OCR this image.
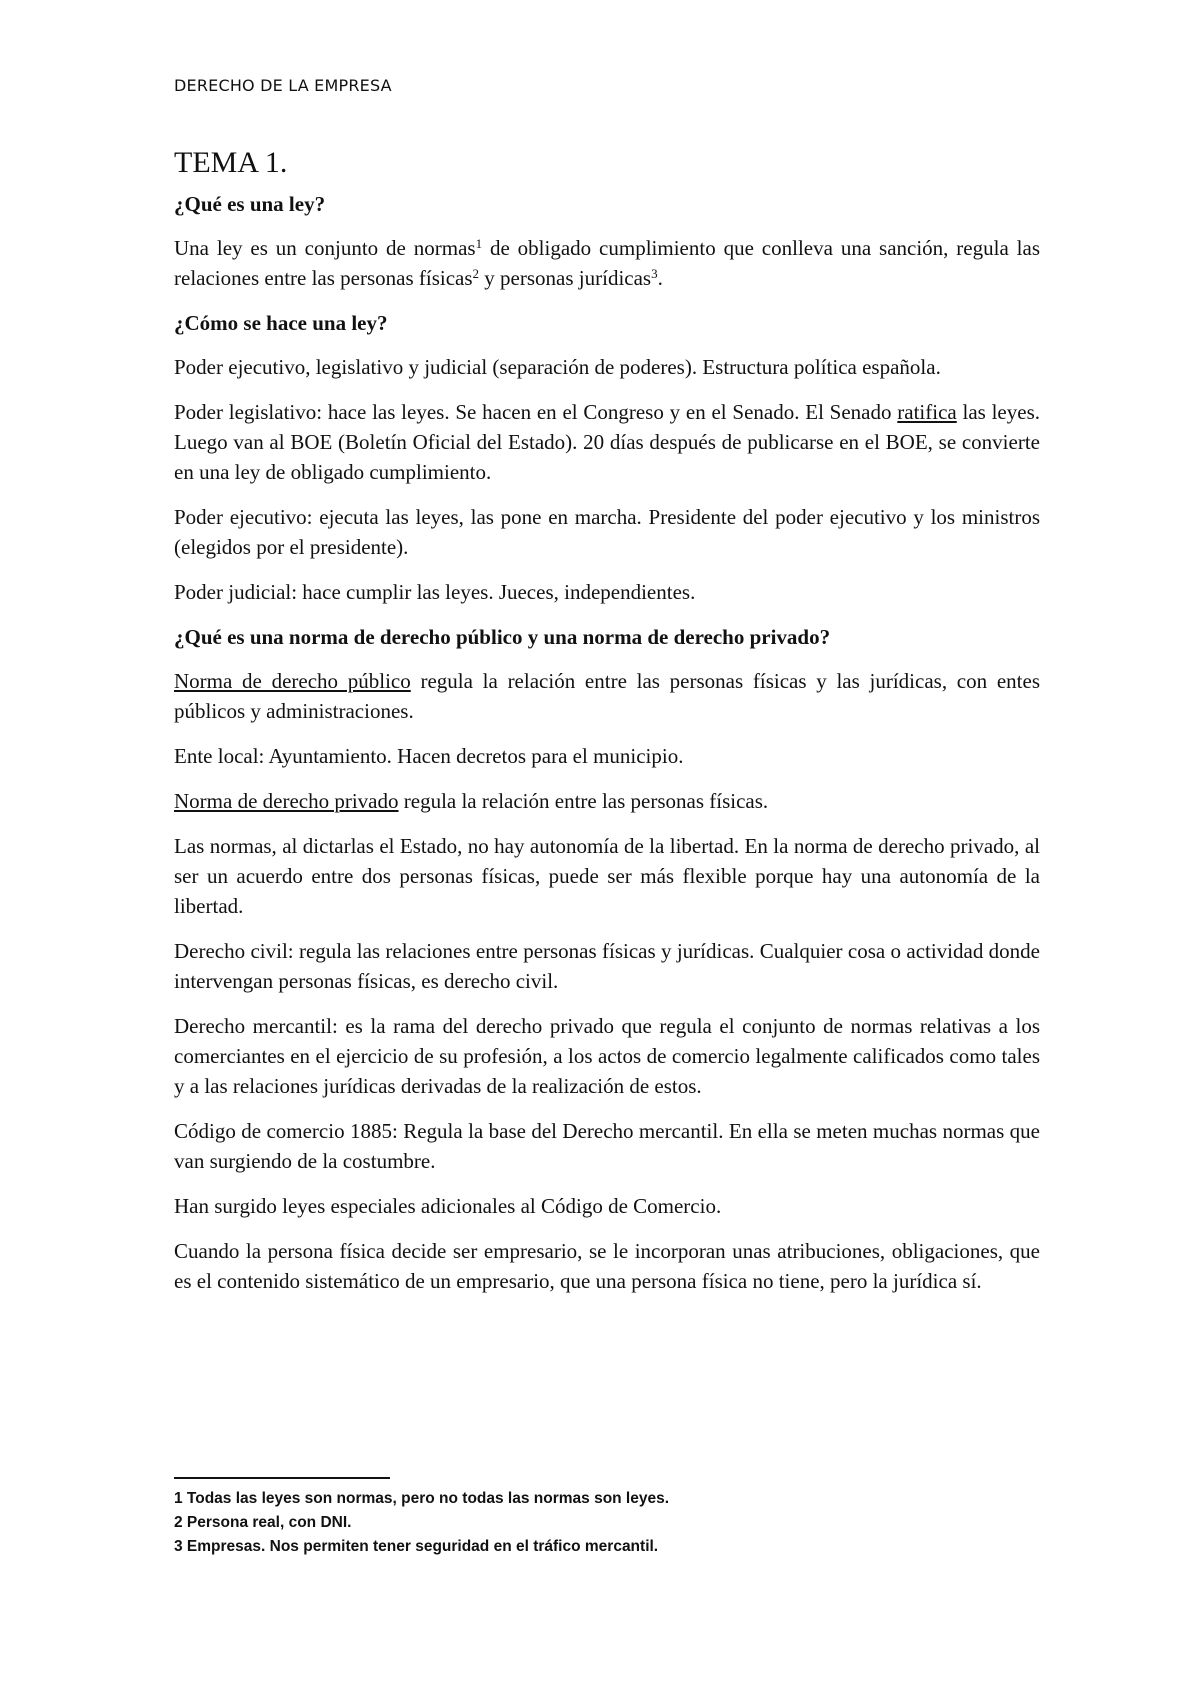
DERECHO DE LA EMPRESA
TEMA 1.
¿Qué es una ley?
Una ley es un conjunto de normas$^1$ de obligado cumplimiento que conlleva una sanción, regula las relaciones entre las personas físicas$^2$ y personas jurídicas$^3$.
¿Cómo se hace una ley?
Poder ejecutivo, legislativo y judicial (separación de poderes). Estructura política española.
Poder legislativo: hace las leyes. Se hacen en el Congreso y en el Senado. El Senado ratifica las leyes. Luego van al BOE (Boletín Oficial del Estado). 20 días después de publicarse en el BOE, se convierte en una ley de obligado cumplimiento.
Poder ejecutivo: ejecuta las leyes, las pone en marcha. Presidente del poder ejecutivo y los ministros (elegidos por el presidente).
Poder judicial: hace cumplir las leyes. Jueces, independientes.
¿Qué es una norma de derecho público y una norma de derecho privado?
Norma de derecho público regula la relación entre las personas físicas y las jurídicas, con entes públicos y administraciones.
Ente local: Ayuntamiento. Hacen decretos para el municipio.
Norma de derecho privado regula la relación entre las personas físicas.
Las normas, al dictarlas el Estado, no hay autonomía de la libertad. En la norma de derecho privado, al ser un acuerdo entre dos personas físicas, puede ser más flexible porque hay una autonomía de la libertad.
Derecho civil: regula las relaciones entre personas físicas y jurídicas. Cualquier cosa o actividad donde intervengan personas físicas, es derecho civil.
Derecho mercantil: es la rama del derecho privado que regula el conjunto de normas relativas a los comerciantes en el ejercicio de su profesión, a los actos de comercio legalmente calificados como tales y a las relaciones jurídicas derivadas de la realización de estos.
Código de comercio 1885: Regula la base del Derecho mercantil. En ella se meten muchas normas que van surgiendo de la costumbre.
Han surgido leyes especiales adicionales al Código de Comercio.
Cuando la persona física decide ser empresario, se le incorporan unas atribuciones, obligaciones, que es el contenido sistemático de un empresario, que una persona física no tiene, pero la jurídica sí.
1 Todas las leyes son normas, pero no todas las normas son leyes.
2 Persona real, con DNI.
3 Empresas. Nos permiten tener seguridad en el tráfico mercantil.
